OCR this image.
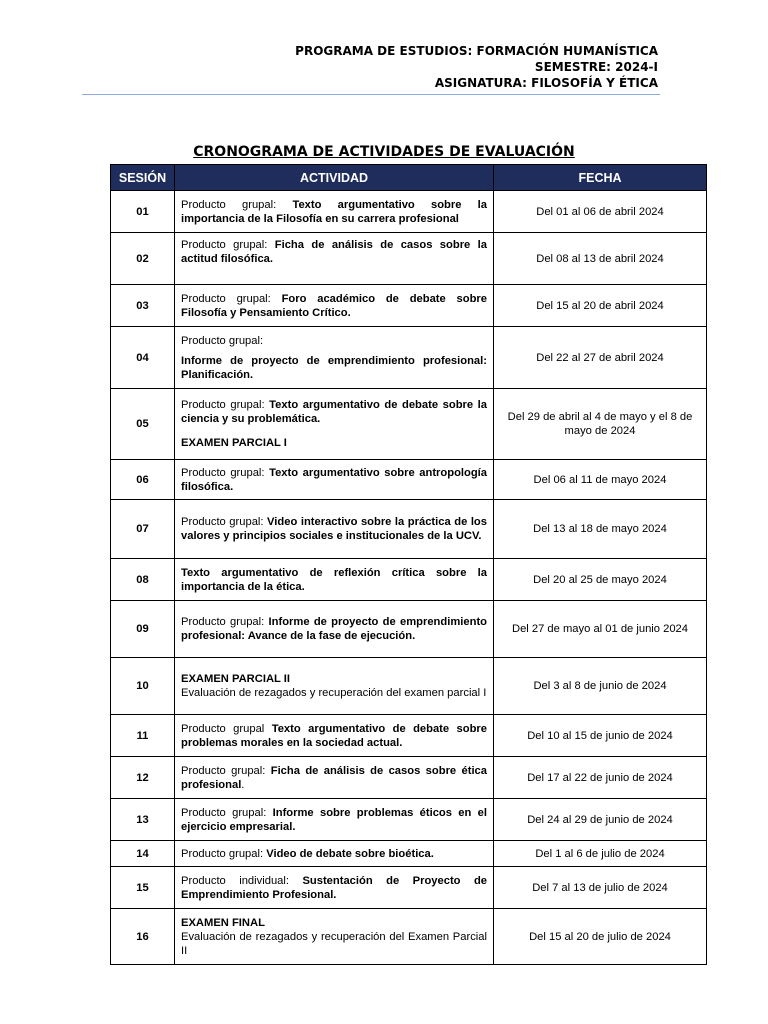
PROGRAMA DE ESTUDIOS: FORMACIÓN HUMANÍSTICA
SEMESTRE: 2024-I
ASIGNATURA: FILOSOFÍA Y ÉTICA
CRONOGRAMA DE ACTIVIDADES DE EVALUACIÓN
SESIÓN	ACTIVIDAD	FECHA
01	Producto grupal: Texto argumentativo sobre la importancia de la Filosofía en su carrera profesional	Del 01 al 06 de abril 2024
02	Producto grupal: Ficha de análisis de casos sobre la actitud filosófica.	Del 08 al 13 de abril 2024
03	Producto grupal: Foro académico de debate sobre Filosofía y Pensamiento Crítico.	Del 15 al 20 de abril 2024
04	Producto grupal:
Informe de proyecto de emprendimiento profesional: Planificación.	Del 22 al 27 de abril 2024
05	Producto grupal: Texto argumentativo de debate sobre la ciencia y su problemática.
EXAMEN PARCIAL I	Del 29 de abril al 4 de mayo y el 8 de mayo de 2024
06	Producto grupal: Texto argumentativo sobre antropología filosófica.	Del 06 al 11 de mayo 2024
07	Producto grupal: Video interactivo sobre la práctica de los valores y principios sociales e institucionales de la UCV.	Del 13 al 18 de mayo 2024
08	Texto argumentativo de reflexión crítica sobre la importancia de la ética.	Del 20 al 25 de mayo 2024
09	Producto grupal: Informe de proyecto de emprendimiento profesional: Avance de la fase de ejecución.	Del 27 de mayo al 01 de junio 2024
10	EXAMEN PARCIAL II
Evaluación de rezagados y recuperación del examen parcial I	Del 3 al 8 de junio de 2024
11	Producto grupal Texto argumentativo de debate sobre problemas morales en la sociedad actual.	Del 10 al 15 de junio de 2024
12	Producto grupal: Ficha de análisis de casos sobre ética profesional.	Del 17 al 22 de junio de 2024
13	Producto grupal: Informe sobre problemas éticos en el ejercicio empresarial.	Del 24 al 29 de junio de 2024
14	Producto grupal: Video de debate sobre bioética.	Del 1 al 6 de julio de 2024
15	Producto individual: Sustentación de Proyecto de Emprendimiento Profesional.	Del 7 al 13 de julio de 2024
16	EXAMEN FINAL
Evaluación de rezagados y recuperación del Examen Parcial II	Del 15 al 20 de julio de 2024
